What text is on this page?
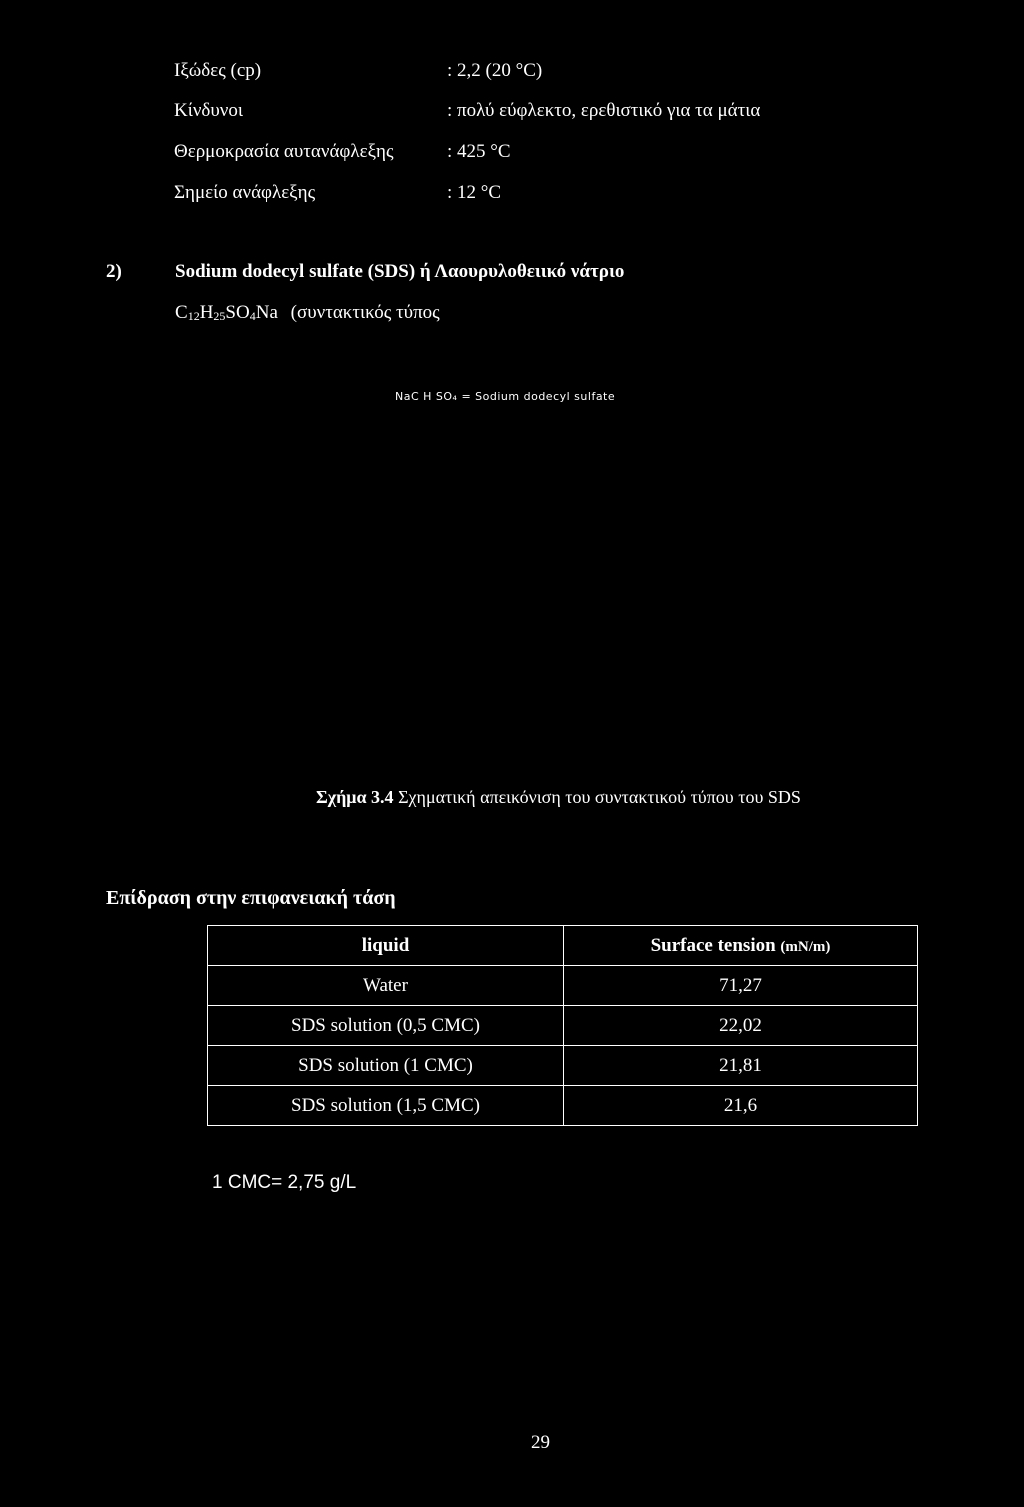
Ιξώδες (cp)	: 2,2 (20 °C)
Κίνδυνοι	: πολύ εύφλεκτο, ερεθιστικό για τα μάτια
Θερμοκρασία αυτανάφλεξης	: 425 °C
Σημείο ανάφλεξης	: 12 °C
2)	Sodium dodecyl sulfate (SDS) ή Λαουρυλοθειικό νάτριο
C12H25SO4Na (συντακτικός τύπος
NaC H SO₄ = Sodium dodecyl sulfate
Σχήμα 3.4 Σχηματική απεικόνιση του συντακτικού τύπου του SDS
Επίδραση στην επιφανειακή τάση
liquid	Surface tension (mN/m)
Water	71,27
SDS solution (0,5 CMC)	22,02
SDS solution (1 CMC)	21,81
SDS solution (1,5 CMC)	21,6
1 CMC= 2,75 g/L
29
